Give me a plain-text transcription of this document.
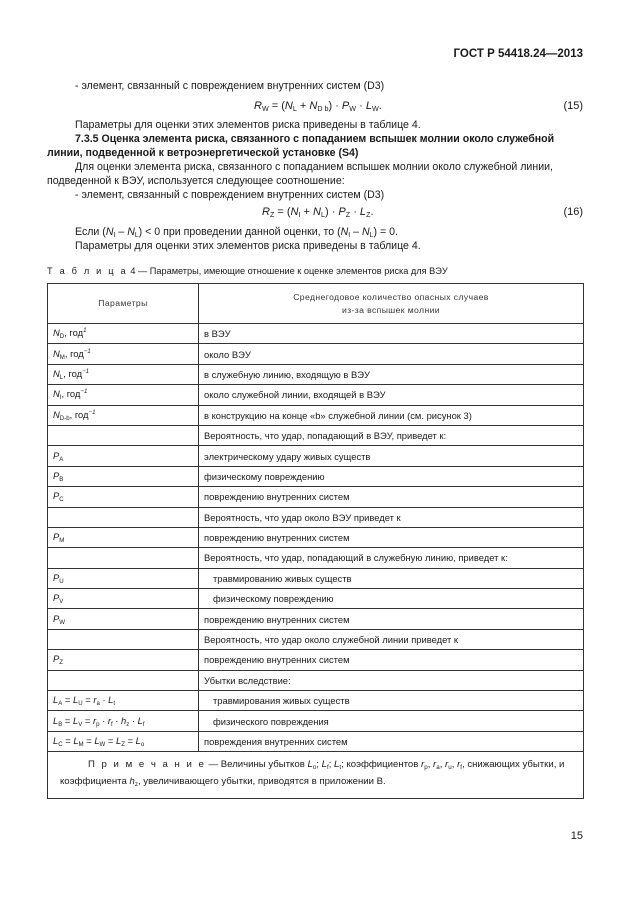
ГОСТ Р 54418.24—2013
- элемент, связанный с повреждением внутренних систем (D3)
$R_W = (N_L + N_{D b}) \cdot P_W \cdot L_W$.	(15)
Параметры для оценки этих элементов риска приведены в таблице 4.
7.3.5 Оценка элемента риска, связанного с попаданием вспышек молнии около служебной линии, подведенной к ветроэнергетической установке (S4)
Для оценки элемента риска, связанного с попаданием вспышек молнии около служебной линии, подведенной к ВЭУ, используется следующее соотношение:
- элемент, связанный с повреждением внутренних систем (D3)
$R_Z = (N_I + N_L) \cdot P_Z \cdot L_Z$.	(16)
Если $(N_I - N_L) < 0$ при проведении данной оценки, то $(N_I - N_L) = 0$.
Параметры для оценки этих элементов риска приведены в таблице 4.
Т а б л и ц а 4 — Параметры, имеющие отношение к оценке элементов риска для ВЭУ
Параметры	Среднегодовое количество опасных случаев из-за вспышек молнии

$N_D$, год$^1$	в ВЭУ
$N_M$, год$^{-1}$	около ВЭУ
$N_L$, год$^{-1}$	в служебную линию, входящую в ВЭУ
$N_I$, год$^{-1}$	около служебной линии, входящей в ВЭУ
$N_{D-b}$, год$^{-1}$	в конструкцию на конце «b» служебной линии (см. рисунок 3)
	Вероятность, что удар, попадающий в ВЭУ, приведет к:
$P_A$	электрическому удару живых существ
$P_B$	физическому повреждению
$P_C$	повреждению внутренних систем
	Вероятность, что удар около ВЭУ приведет к
$P_M$	повреждению внутренних систем
	Вероятность, что удар, попадающий в служебную линию, приведет к:
$P_U$	травмированию живых существ
$P_V$	физическому повреждению
$P_W$	повреждению внутренних систем
	Вероятность, что удар около служебной линии приведет к
$P_Z$	повреждению внутренних систем
	Убытки вследствие:
$L_A = L_U = r_a \cdot L_t$	травмирования живых существ
$L_B = L_V = r_p \cdot r_f \cdot h_z \cdot L_f$	физического повреждения
$L_C = L_M = L_W = L_Z = L_o$	повреждения внутренних систем
П р и м е ч а н и е — Величины убытков $L_o$; $L_f$; $L_t$; коэффициентов $r_p$, $r_a$, $r_u$, $r_f$, снижающих убытки, и коэффициента $h_z$, увеличивающего убытки, приводятся в приложении В.	
15
